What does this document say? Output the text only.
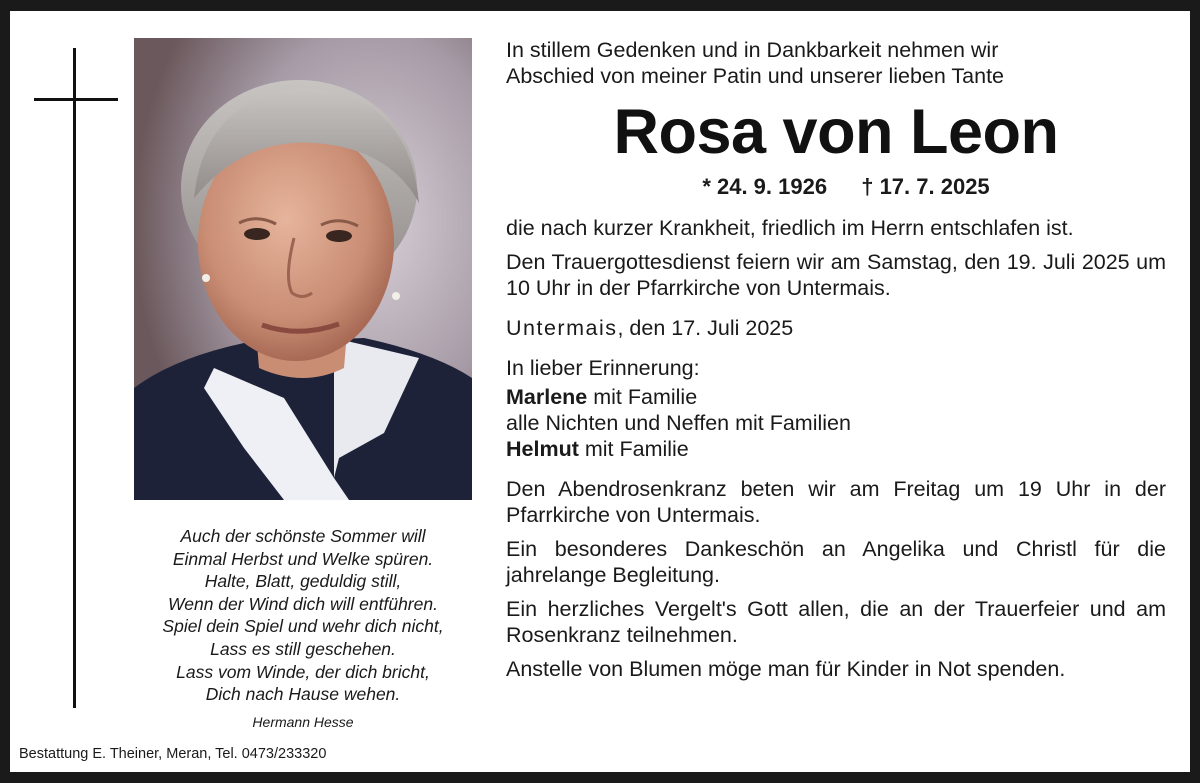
Auch der schönste Sommer will
Einmal Herbst und Welke spüren.
Halte, Blatt, geduldig still,
Wenn der Wind dich will entführen.
Spiel dein Spiel und wehr dich nicht,
Lass es still geschehen.
Lass vom Winde, der dich bricht,
Dich nach Hause wehen.
Hermann Hesse
Bestattung E. Theiner, Meran, Tel. 0473/233320
In stillem Gedenken und in Dankbarkeit nehmen wir
Abschied von meiner Patin und unserer lieben Tante
Rosa von Leon
* 24. 9. 1926 † 17. 7. 2025
die nach kurzer Krankheit, friedlich im Herrn entschlafen ist.
Den Trauergottesdienst feiern wir am Samstag, den 19. Juli 2025 um 10 Uhr in der Pfarrkirche von Untermais.
Untermais, den 17. Juli 2025
In lieber Erinnerung:
Marlene mit Familie
alle Nichten und Neffen mit Familien
Helmut mit Familie
Den Abendrosenkranz beten wir am Freitag um 19 Uhr in der Pfarrkirche von Untermais.
Ein besonderes Dankeschön an Angelika und Christl für die jahrelange Begleitung.
Ein herzliches Vergelt's Gott allen, die an der Trauerfeier und am Rosenkranz teilnehmen.
Anstelle von Blumen möge man für Kinder in Not spenden.
